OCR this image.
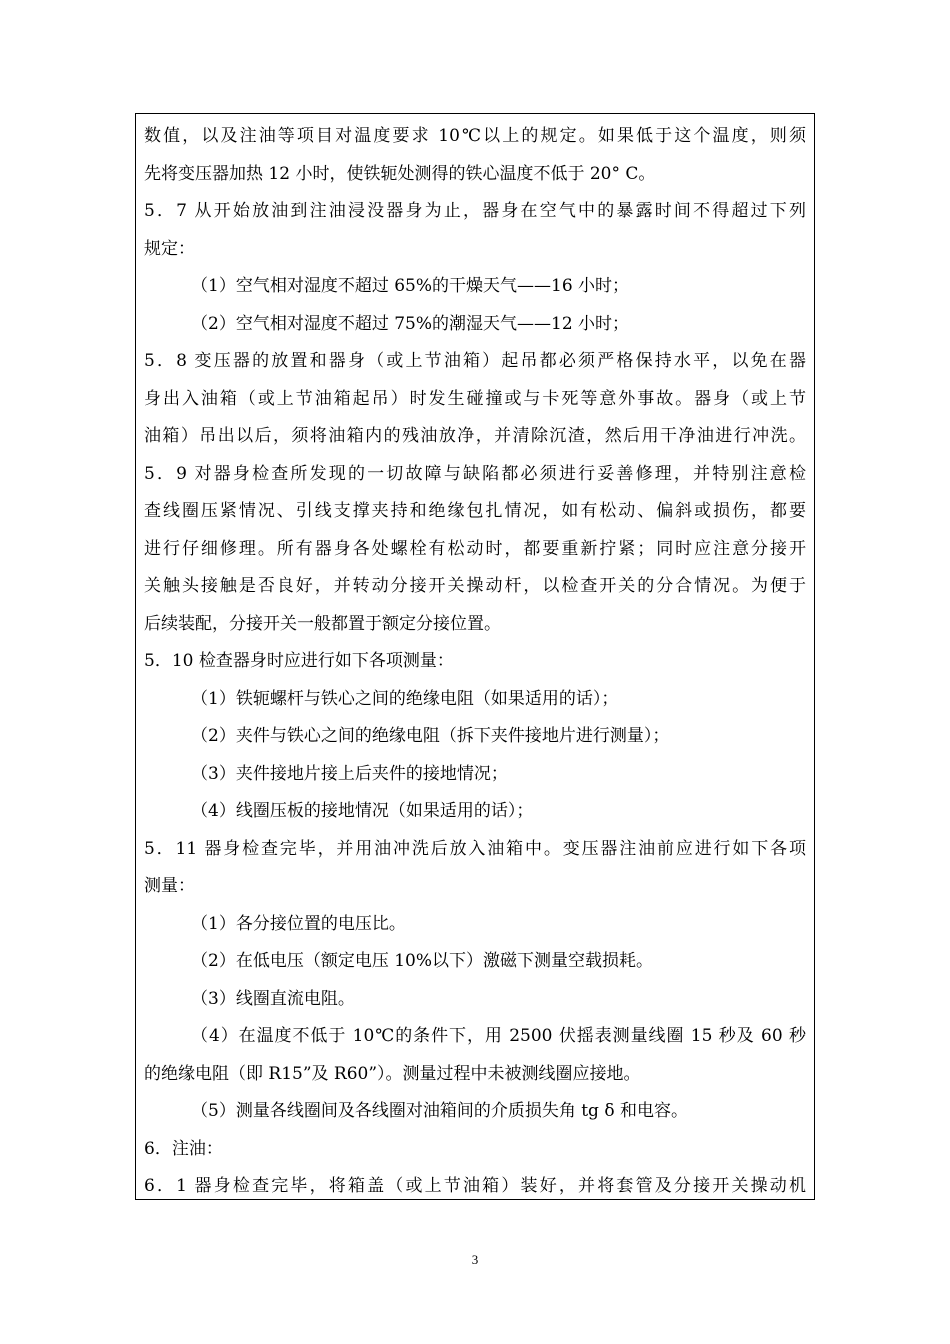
数值，以及注油等项目对温度要求 10℃以上的规定。如果低于这个温度，则须
先将变压器加热 12 小时，使铁轭处测得的铁心温度不低于 20° C。
5．7 从开始放油到注油浸没器身为止，器身在空气中的暴露时间不得超过下列
规定：
（1）空气相对湿度不超过 65%的干燥天气——16 小时；
（2）空气相对湿度不超过 75%的潮湿天气——12 小时；
5．8 变压器的放置和器身（或上节油箱）起吊都必须严格保持水平，以免在器
身出入油箱（或上节油箱起吊）时发生碰撞或与卡死等意外事故。器身（或上节
油箱）吊出以后，须将油箱内的残油放净，并清除沉渣，然后用干净油进行冲洗。
5．9 对器身检查所发现的一切故障与缺陷都必须进行妥善修理，并特别注意检
查线圈压紧情况、引线支撑夹持和绝缘包扎情况，如有松动、偏斜或损伤，都要
进行仔细修理。所有器身各处螺栓有松动时，都要重新拧紧；同时应注意分接开
关触头接触是否良好，并转动分接开关操动杆，以检查开关的分合情况。为便于
后续装配，分接开关一般都置于额定分接位置。
5．10 检查器身时应进行如下各项测量：
（1）铁轭螺杆与铁心之间的绝缘电阻（如果适用的话）；
（2）夹件与铁心之间的绝缘电阻（拆下夹件接地片进行测量）；
（3）夹件接地片接上后夹件的接地情况；
（4）线圈压板的接地情况（如果适用的话）；
5．11 器身检查完毕，并用油冲洗后放入油箱中。变压器注油前应进行如下各项
测量：
（1）各分接位置的电压比。
（2）在低电压（额定电压 10%以下）激磁下测量空载损耗。
（3）线圈直流电阻。
（4）在温度不低于 10℃的条件下，用 2500 伏摇表测量线圈 15 秒及 60 秒
的绝缘电阻（即 R15”及 R60”）。测量过程中未被测线圈应接地。
（5）测量各线圈间及各线圈对油箱间的介质损失角 tg δ 和电容。
6．注油：
6．1 器身检查完毕，将箱盖（或上节油箱）装好，并将套管及分接开关操动机
3
